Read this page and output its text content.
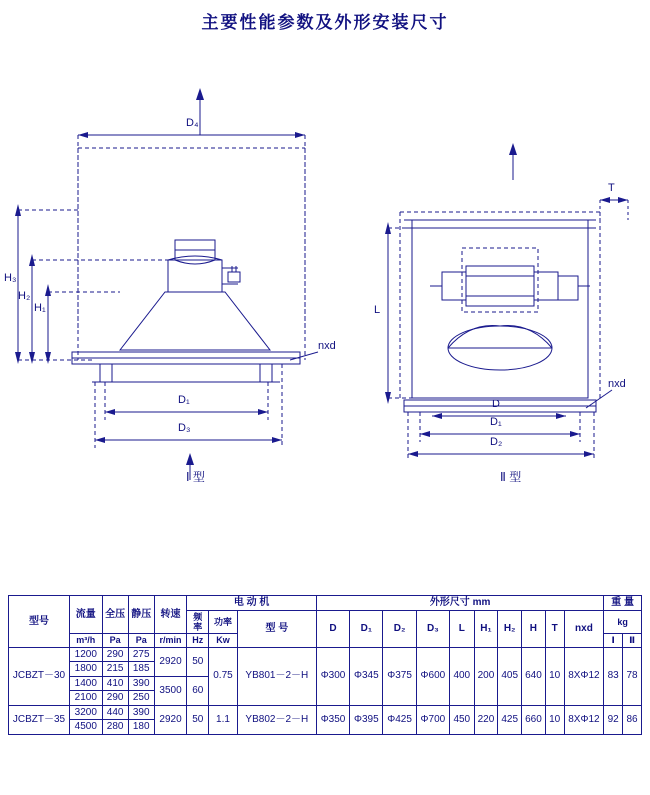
主要性能参数及外形安装尺寸
D₄
H₃
H₂
H₁
D₁
D₃
nxd
Ⅰ 型
T
L
D
D₁
D₂
nxd
Ⅱ 型
型号	流量	全压	静压	转速	电 动 机			外形尺寸 mm										重 量	
					频率	功率	型 号	D	D₁	D₂	D₃	L	H₁	H₂	H	T	nxd	kg	
	m³/h	Pa	Pa	r/min	Hz	Kw												Ⅰ	Ⅱ
JCBZT－30	1200	290	275	2920	50	0.75	YB801－2－H	Φ300	Φ345	Φ375	Φ600	400	200	405	640	10	8XΦ12	83	78
	1800	215	185																
	1400	410	390	3500	60														
	2100	290	250																
JCBZT－35	3200	440	390	2920	50	1.1	YB802－2－H	Φ350	Φ395	Φ425	Φ700	450	220	425	660	10	8XΦ12	92	86
	4500	280	180																
